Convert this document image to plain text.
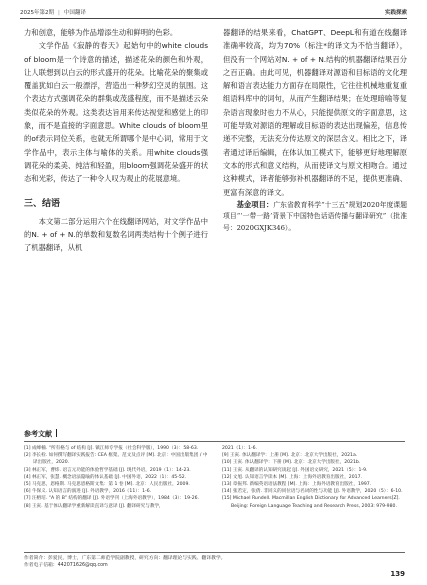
2025年第2期 | 中国翻译	实践探索

力和创意，能够为作品增添生动和鲜明的色彩。

文学作品《寂静的春天》起始句中的white clouds of bloom是一个诗意的描述，描述花朵的颜色和外观，让人联想到以白云的形式盛开的花朵。比喻花朵的聚集或覆盖犹如白云一般漂浮，营造出一种梦幻空灵的氛围。这个表达方式强调花朵的群集或茂盛程度，而不是描述云朵类似花朵的外观。这类表达旨用来传达视觉和感觉上的印象，而不是直接的字面意思。White clouds of bloom里的of表示同位关系，也就无所谓哪个是中心词，常用于文学作品中，表示主体与喻体的关系。用white clouds强调花朵的柔美、纯洁和轻盈，用bloom强调花朵盛开的状态和光彩，传达了一种令人叹为观止的花展意境。

三、结语

本文第二部分运用六个在线翻译网站，对文学作品中的N. + of + N.的单数和复数名词两类结构十个例子进行了机器翻译，从机

器翻译的结果来看，ChatGPT、DeepL和有道在线翻译准确率较高，均为70%（标注*的译文为不恰当翻译），但没有一个网站对N. + of + N.结构的机器翻译结果百分之百正确。由此可见，机器翻译对源语和目标语的文化理解和语言表达能力方面存在局限性，它往往机械地重复重组语料库中的词句，从而产生翻译结果；在处理暗喻等复杂语言现象时也力不从心，只能提供原文的字面意思，这可能导致对源语的理解或目标语的表达出现偏差，信息传递不完整，无法充分传达原文的深层含义。相比之下，译者通过译后编辑，在体认加工模式下，能够更好地理解原文本的形式和意义结构，从而使译文与原文相吻合。通过这种模式，译者能够弥补机器翻译的不足，提供更准确、更富有深意的译文。

基金项目：广东省教育科学“十三五”规划2020年度课题项目“‘一带一路’背景下中国特色话语传播与翻译研究”（批准号：2020GXJK346）。

参考文献
[1] 成峰楠. “所有格与 of 结构 [J]. 镇江师专学报（社会科学版），1990（3）：58-63.
[2] 李长栓. 如何撰写翻译实践报告: CEA 框架、范文及点评 [M]. 北京：中国出版集团 / 中译出版社，2020.
[3] 林正军，曹炜. 语言元功能的体验哲学基础 [J]. 现代外语，2019（1）：14-23.
[4] 林正军，张慧. 概念语法隐喻的体认基础 [J]. 中国外语，2022（1）：45-52.
[5] 马克思，恩格斯. 马克思恩格斯文集：第 1 卷 [M]. 北京：人民出版社，2009.
[6] 牛保义. 认知语言的演进 [J]. 外语教学，2016（11）：1-6.
[7] 汪榕培. “A 的 B” 结构的翻译 [J]. 外语学刊（上海外语教学），1984（3）：19-26.
[8] 王寅. 基于体认翻译学重新解读直译与意译 [J]. 翻译研究与教学，
2021（1）：1-6.
[9] 王寅. 体认翻译学：上册 [M]. 北京：北京大学出版社，2021a.
[10] 王寅. 体认翻译学：下册 [M]. 北京：北京大学出版社，2021b.
[11] 王寅. 从翻译的认知研究谈起 [J]. 外国语文研究，2021（5）：1-9.
[12] 文旭. 认知语言学读本 [M]. 上海：上海外语教育出版社，2017.
[13] 章振邦. 新编英语语法教程 [M]. 上海：上海外语教育出版社，1997.
[14] 张若定，张倩. 非同义的同位语与名词的性与功能 [J]. 外语教学，2020（5）：6-10.
[15] Michael Rundell. Macmillan English Dictionary for Advanced Learners[Z]. Beijing: Foreign Language Teaching and Research Press, 2003: 979-980.
作者简介：彭爱民，博士，广东第二师范学院副教授，研究方向：翻译理论与实践、翻译教学。
作者电子信箱：442071626@qq.com
139
